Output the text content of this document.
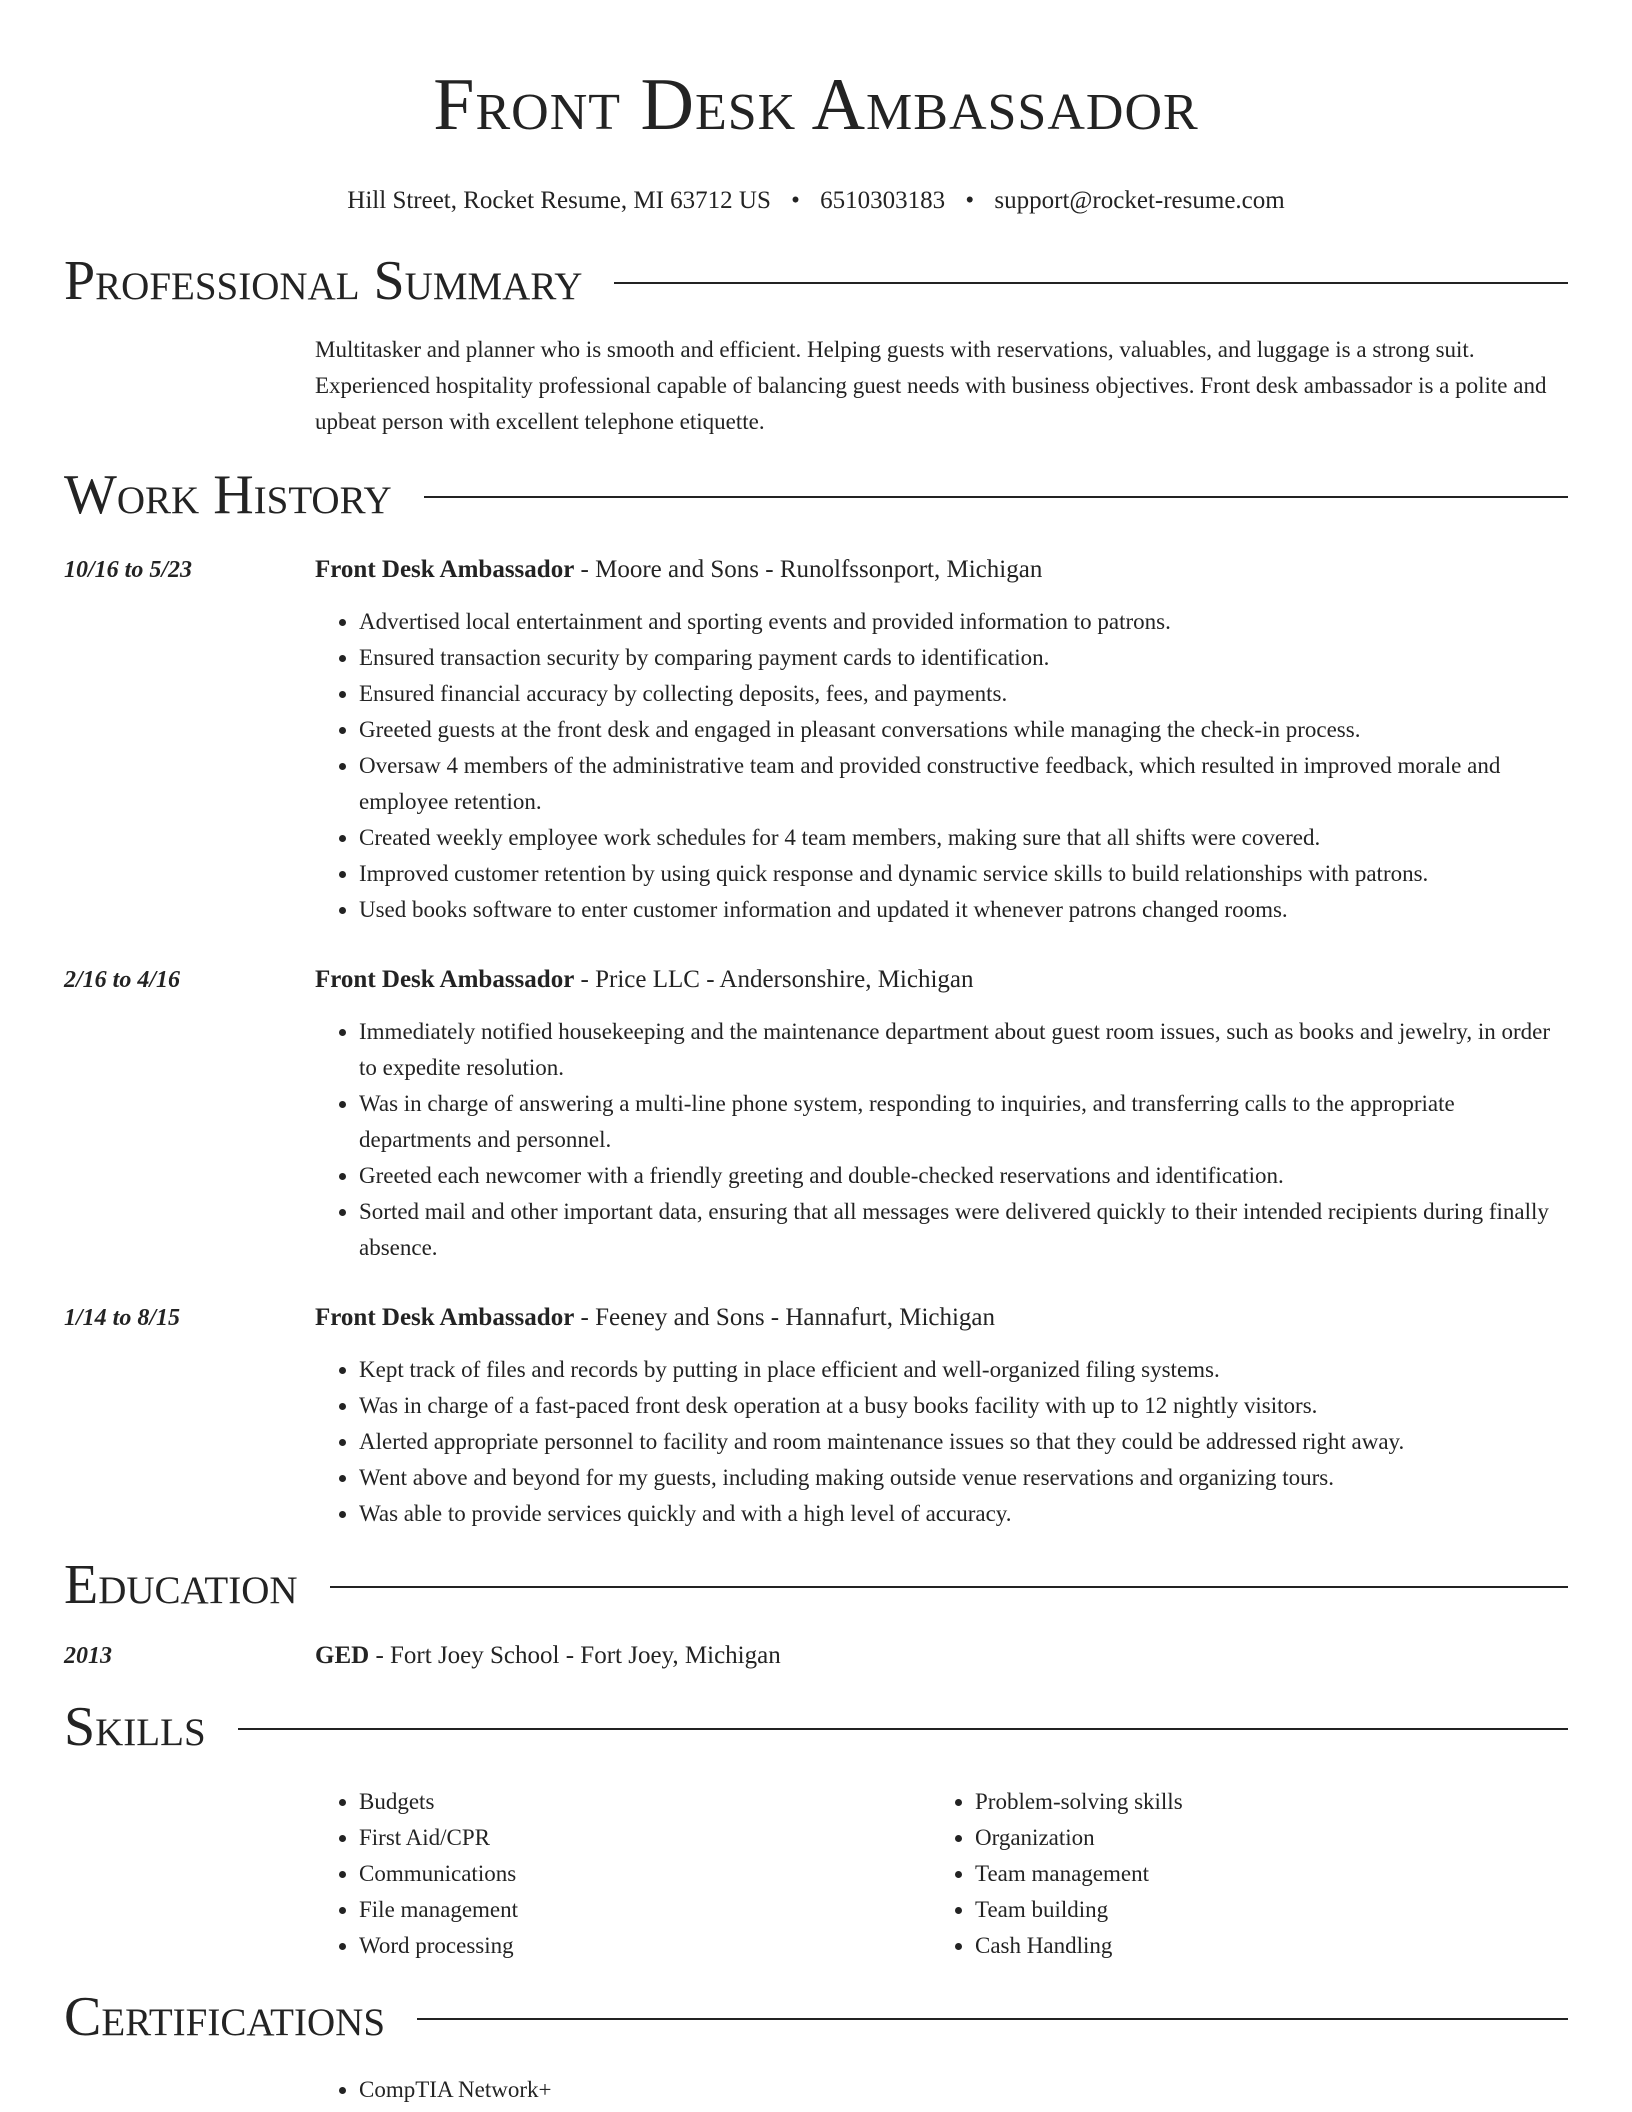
Front Desk Ambassador
Hill Street, Rocket Resume, MI 63712 US • 6510303183 • support@rocket-resume.com
Professional Summary
Multitasker and planner who is smooth and efficient. Helping guests with reservations, valuables, and luggage is a strong suit. Experienced hospitality professional capable of balancing guest needs with business objectives. Front desk ambassador is a polite and upbeat person with excellent telephone etiquette.
Work History
10/16 to 5/23	Front Desk Ambassador - Moore and Sons - Runolfssonport, Michigan
• Advertised local entertainment and sporting events and provided information to patrons.
• Ensured transaction security by comparing payment cards to identification.
• Ensured financial accuracy by collecting deposits, fees, and payments.
• Greeted guests at the front desk and engaged in pleasant conversations while managing the check-in process.
• Oversaw 4 members of the administrative team and provided constructive feedback, which resulted in improved morale and employee retention.
• Created weekly employee work schedules for 4 team members, making sure that all shifts were covered.
• Improved customer retention by using quick response and dynamic service skills to build relationships with patrons.
• Used books software to enter customer information and updated it whenever patrons changed rooms.
2/16 to 4/16	Front Desk Ambassador - Price LLC - Andersonshire, Michigan
• Immediately notified housekeeping and the maintenance department about guest room issues, such as books and jewelry, in order to expedite resolution.
• Was in charge of answering a multi-line phone system, responding to inquiries, and transferring calls to the appropriate departments and personnel.
• Greeted each newcomer with a friendly greeting and double-checked reservations and identification.
• Sorted mail and other important data, ensuring that all messages were delivered quickly to their intended recipients during finally absence.
1/14 to 8/15	Front Desk Ambassador - Feeney and Sons - Hannafurt, Michigan
• Kept track of files and records by putting in place efficient and well-organized filing systems.
• Was in charge of a fast-paced front desk operation at a busy books facility with up to 12 nightly visitors.
• Alerted appropriate personnel to facility and room maintenance issues so that they could be addressed right away.
• Went above and beyond for my guests, including making outside venue reservations and organizing tours.
• Was able to provide services quickly and with a high level of accuracy.
Education
2013	GED - Fort Joey School - Fort Joey, Michigan
Skills
• Budgets
• First Aid/CPR
• Communications
• File management
• Word processing
• Problem-solving skills
• Organization
• Team management
• Team building
• Cash Handling
Certifications
• CompTIA Network+
